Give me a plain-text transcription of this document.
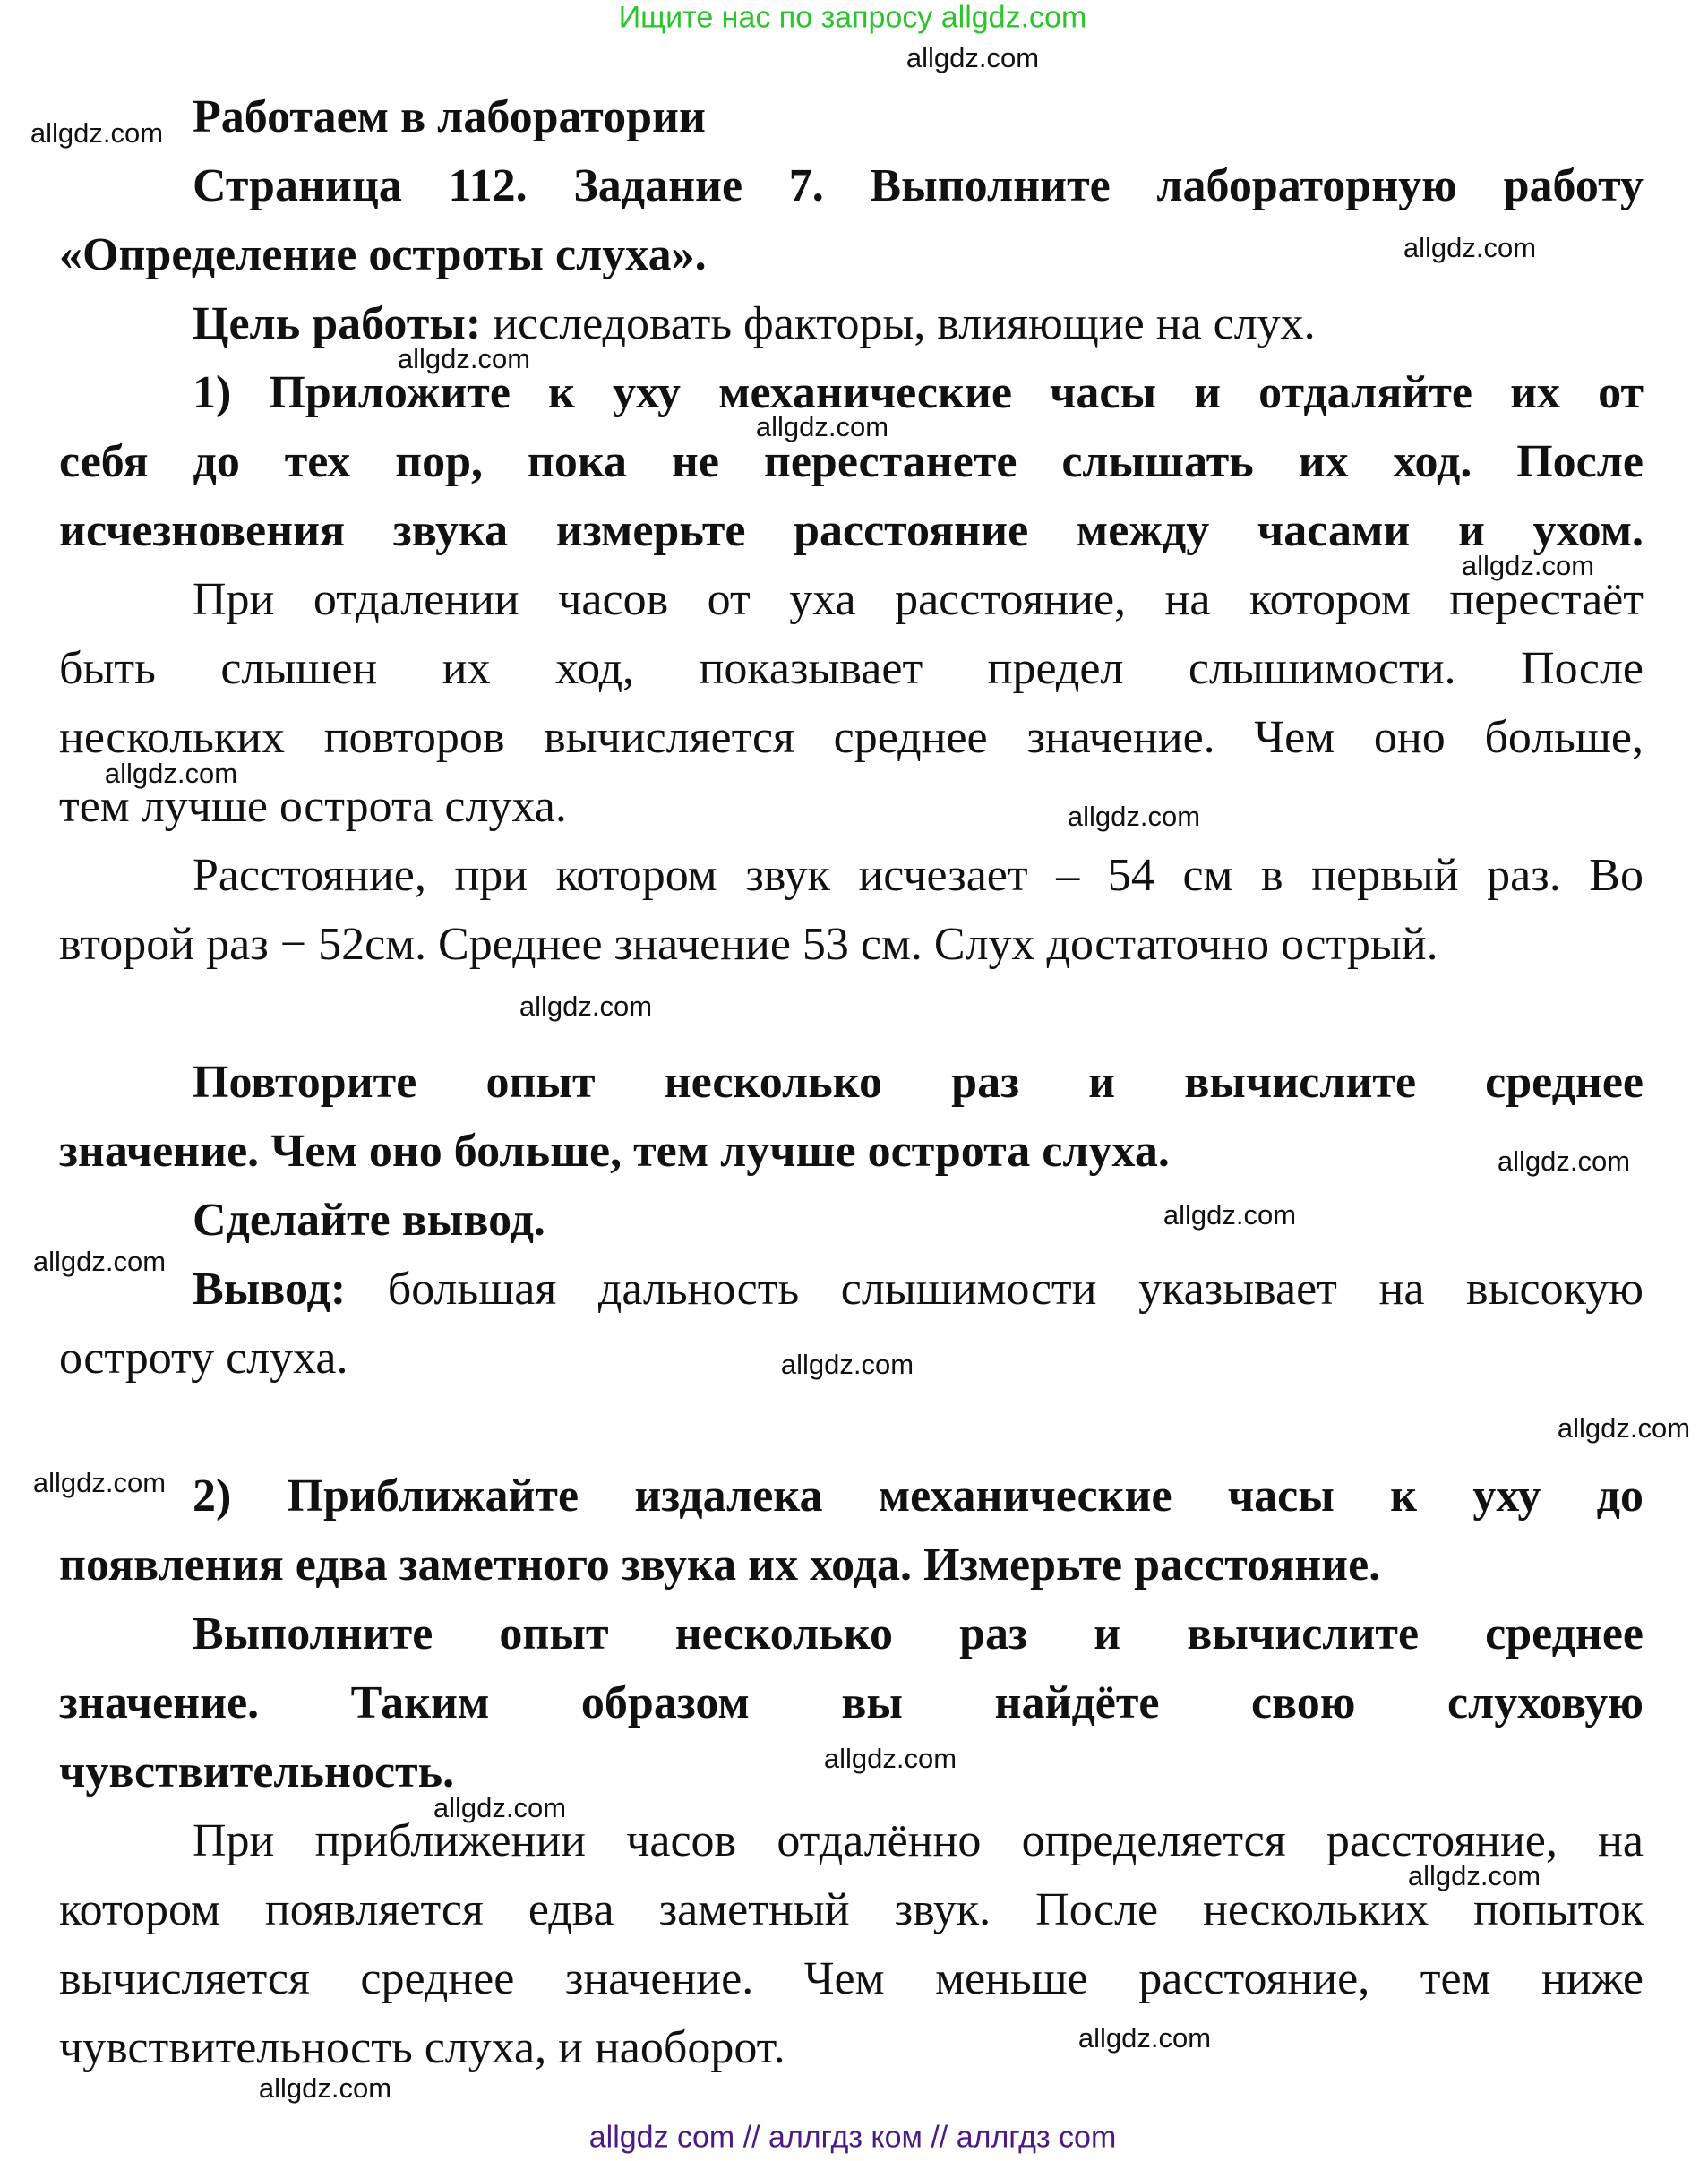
Ищите нас по запросу allgdz.com
Работаем в лаборатории
Страница 112. Задание 7. Выполните лабораторную работу
«Определение остроты слуха».
Цель работы: исследовать факторы, влияющие на слух.
1) Приложите к уху механические часы и отдаляйте их от
себя до тех пор, пока не перестанете слышать их ход. После
исчезновения звука измерьте расстояние между часами и ухом.
При отдалении часов от уха расстояние, на котором перестаёт
быть слышен их ход, показывает предел слышимости. После
нескольких повторов вычисляется среднее значение. Чем оно больше,
тем лучше острота слуха.
Расстояние, при котором звук исчезает – 54 см в первый раз. Во
второй раз − 52см. Среднее значение 53 см. Слух достаточно острый.
Повторите опыт несколько раз и вычислите среднее
значение. Чем оно больше, тем лучше острота слуха.
Сделайте вывод.
Вывод: большая дальность слышимости указывает на высокую
остроту слуха.
2) Приближайте издалека механические часы к уху до
появления едва заметного звука их хода. Измерьте расстояние.
Выполните опыт несколько раз и вычислите среднее
значение. Таким образом вы найдёте свою слуховую
чувствительность.
При приближении часов отдалённо определяется расстояние, на
котором появляется едва заметный звук. После нескольких попыток
вычисляется среднее значение. Чем меньше расстояние, тем ниже
чувствительность слуха, и наоборот.
allgdz.com
allgdz.com
allgdz.com
allgdz.com
allgdz.com
allgdz.com
allgdz.com
allgdz.com
allgdz.com
allgdz.com
allgdz.com
allgdz.com
allgdz.com
allgdz.com
allgdz.com
allgdz.com
allgdz.com
allgdz.com
allgdz.com
allgdz.com
allgdz com // аллгдз ком // аллгдз com
